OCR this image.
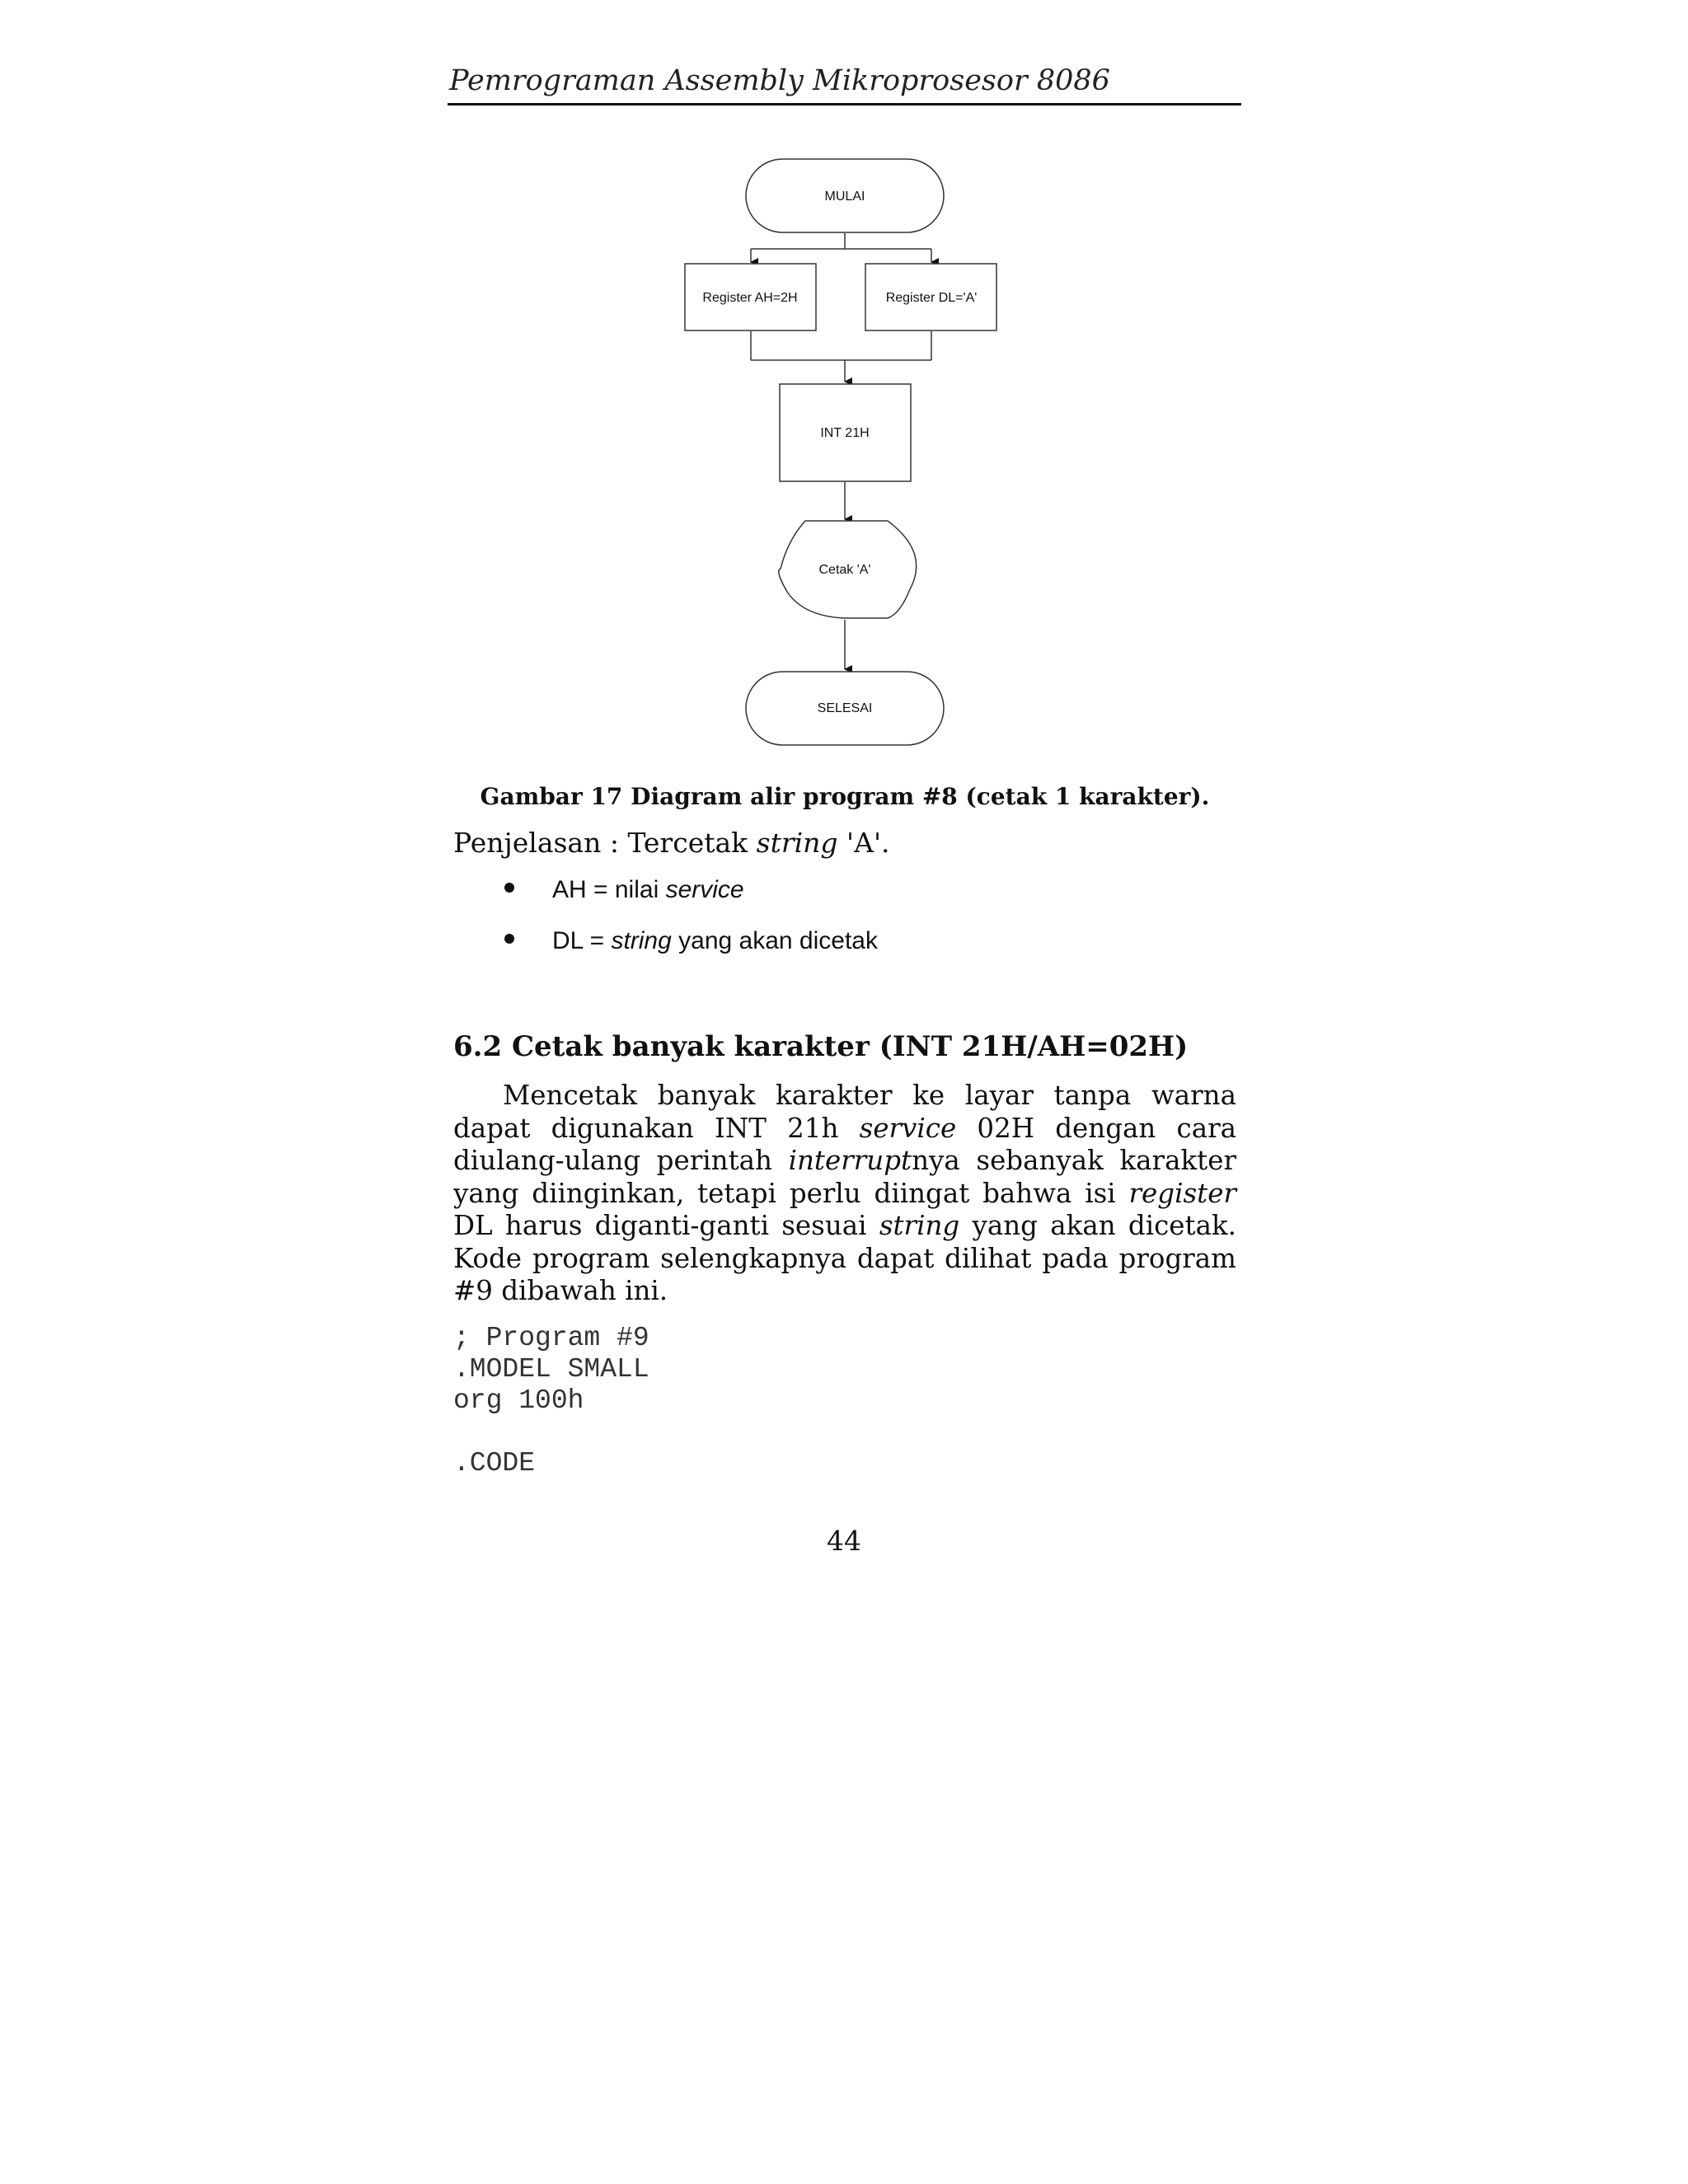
Pemrograman Assembly Mikroprosesor 8086
MULAI
Register AH=2H	Register DL='A'
INT 21H
Cetak 'A'
SELESAI
Gambar 17 Diagram alir program #8 (cetak 1 karakter).
Penjelasan : Tercetak string 'A'.
AH = nilai service
DL = string yang akan dicetak
6.2 Cetak banyak karakter (INT 21H/AH=02H)
Mencetak banyak karakter ke layar tanpa warna
dapat digunakan INT 21h service 02H dengan cara
diulang-ulang perintah interruptnya sebanyak karakter
yang diinginkan, tetapi perlu diingat bahwa isi register
DL harus diganti-ganti sesuai string yang akan dicetak.
Kode program selengkapnya dapat dilihat pada program
#9 dibawah ini.
; Program #9
.MODEL SMALL
org 100h

.CODE
44
